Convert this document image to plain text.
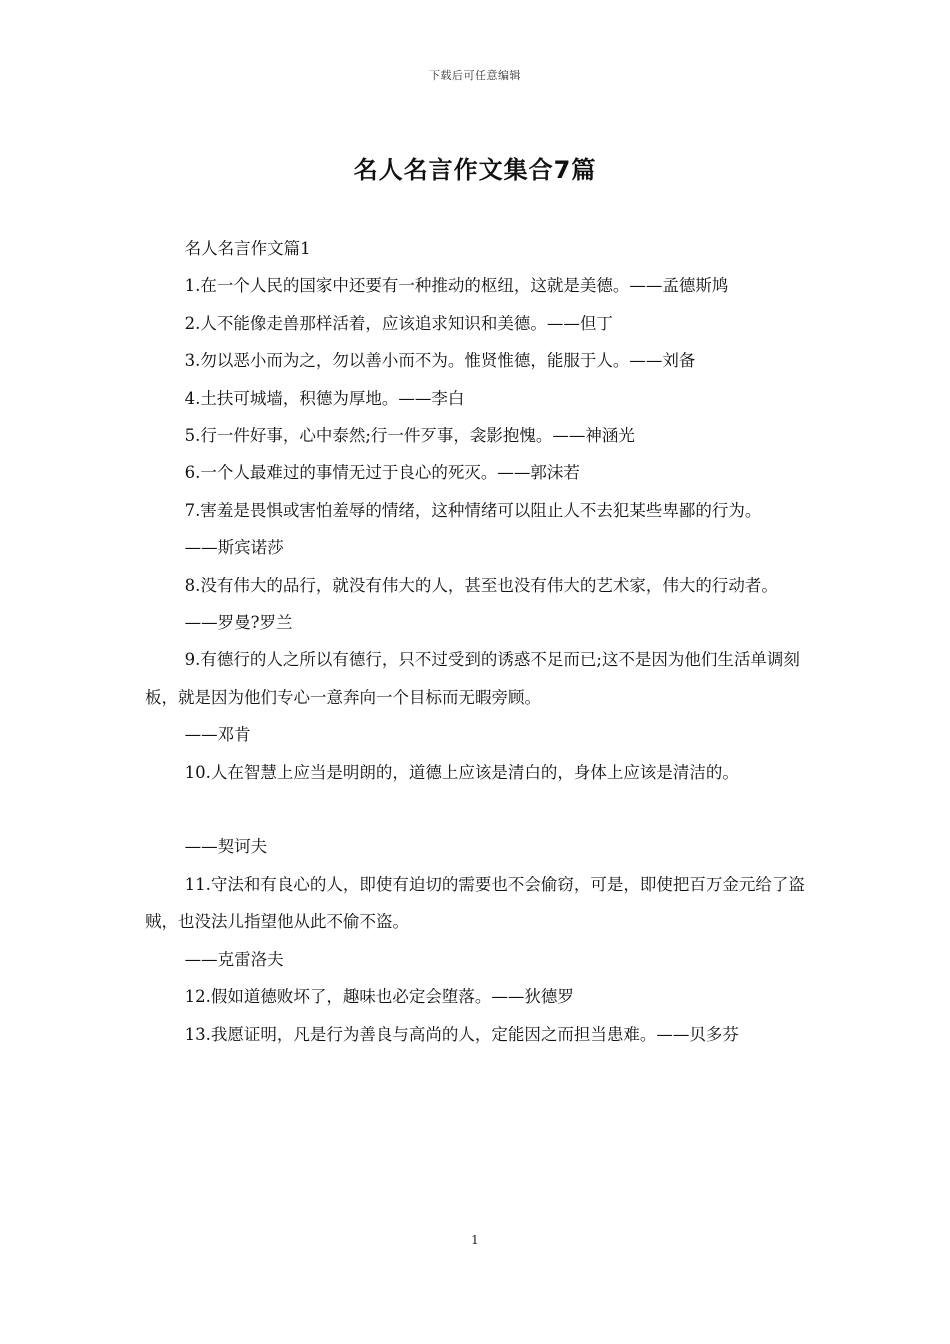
下载后可任意编辑
名人名言作文集合7篇

名人名言作文篇1

1.在一个人民的国家中还要有一种推动的枢纽，这就是美德。——孟德斯鸠

2.人不能像走兽那样活着，应该追求知识和美德。——但丁

3.勿以恶小而为之，勿以善小而不为。惟贤惟德，能服于人。——刘备

4.土扶可城墙，积德为厚地。——李白

5.行一件好事，心中泰然;行一件歹事，衾影抱愧。——神涵光

6.一个人最难过的事情无过于良心的死灭。——郭沫若

7.害羞是畏惧或害怕羞辱的情绪，这种情绪可以阻止人不去犯某些卑鄙的行为。

——斯宾诺莎

8.没有伟大的品行，就没有伟大的人，甚至也没有伟大的艺术家，伟大的行动者。

——罗曼?罗兰

9.有德行的人之所以有德行，只不过受到的诱惑不足而已;这不是因为他们生活单调刻板，就是因为他们专心一意奔向一个目标而无暇旁顾。

——邓肯

10.人在智慧上应当是明朗的，道德上应该是清白的，身体上应该是清洁的。

——契诃夫

11.守法和有良心的人，即使有迫切的需要也不会偷窃，可是，即使把百万金元给了盗贼，也没法儿指望他从此不偷不盗。

——克雷洛夫

12.假如道德败坏了，趣味也必定会堕落。——狄德罗

13.我愿证明，凡是行为善良与高尚的人，定能因之而担当患难。——贝多芬

1
